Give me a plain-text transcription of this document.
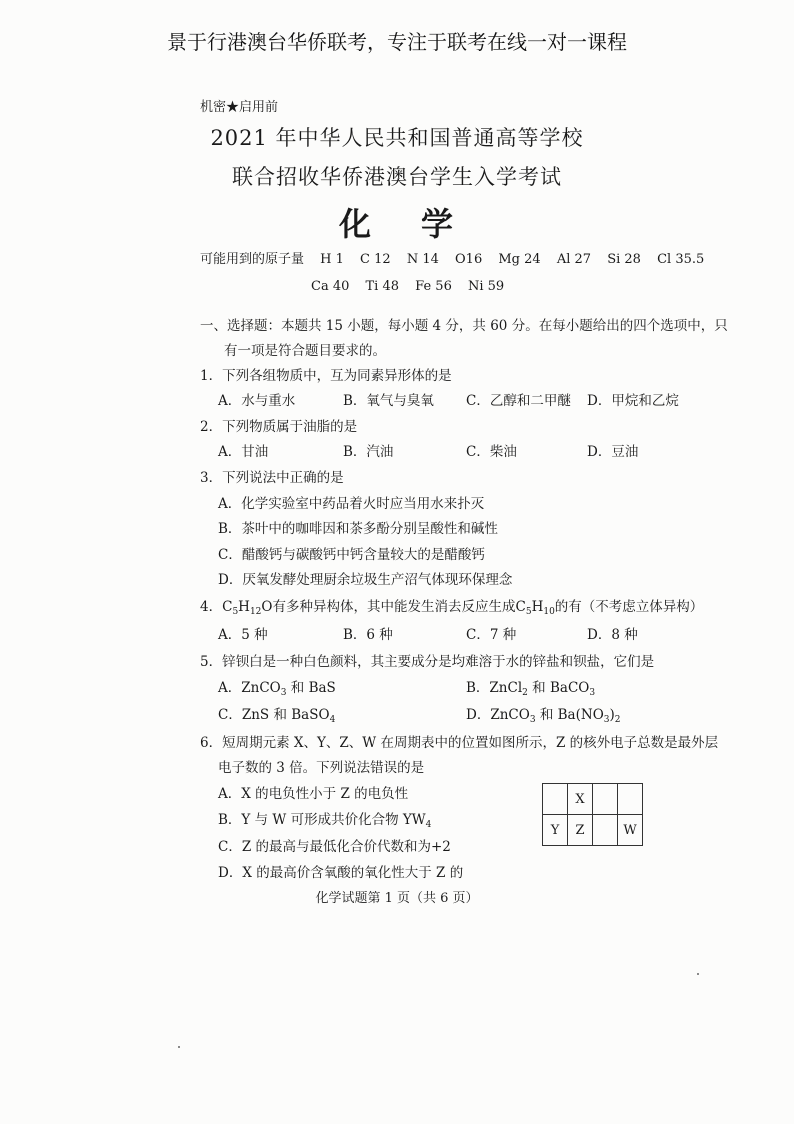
景于行港澳台华侨联考，专注于联考在线一对一课程
机密★启用前
2021 年中华人民共和国普通高等学校
联合招收华侨港澳台学生入学考试
化 学
可能用到的原子量 H 1 C 12 N 14 O16 Mg 24 Al 27 Si 28 Cl 35.5
Ca 40 Ti 48 Fe 56 Ni 59
一、选择题：本题共 15 小题，每小题 4 分，共 60 分。在每小题给出的四个选项中，只
有一项是符合题目要求的。
1．下列各组物质中，互为同素异形体的是
A．水与重水	B．氧气与臭氧 C．乙醇和二甲醚 D．甲烷和乙烷
2．下列物质属于油脂的是
A．甘油	B．汽油	C．柴油	D．豆油
3．下列说法中正确的是
A．化学实验室中药品着火时应当用水来扑灭
B．茶叶中的咖啡因和茶多酚分别呈酸性和碱性
C．醋酸钙与碳酸钙中钙含量较大的是醋酸钙
D．厌氧发酵处理厨余垃圾生产沼气体现环保理念
4．$C_5H_{12}O$有多种异构体，其中能发生消去反应生成$C_5H_{10}$的有（不考虑立体异构）
A．5 种	B．6 种	C．7 种	D．8 种
5．锌钡白是一种白色颜料，其主要成分是均难溶于水的锌盐和钡盐，它们是
A．ZnCO$_3$ 和 BaS	B．ZnCl$_2$ 和 BaCO$_3$
C．ZnS 和 BaSO$_4$	D．ZnCO$_3$ 和 $Ba(NO_3)_2$
6．短周期元素 X、Y、Z、W 在周期表中的位置如图所示，Z 的核外电子总数是最外层
电子数的 3 倍。下列说法错误的是
A．X 的电负性小于 Z 的电负性
B．Y 与 W 可形成共价化合物 $YW_4$
C．Z 的最高与最低化合价代数和为+2
D．X 的最高价含氧酸的氧化性大于 Z 的
	X		
Y	Z		W
化学试题第 1 页（共 6 页）
